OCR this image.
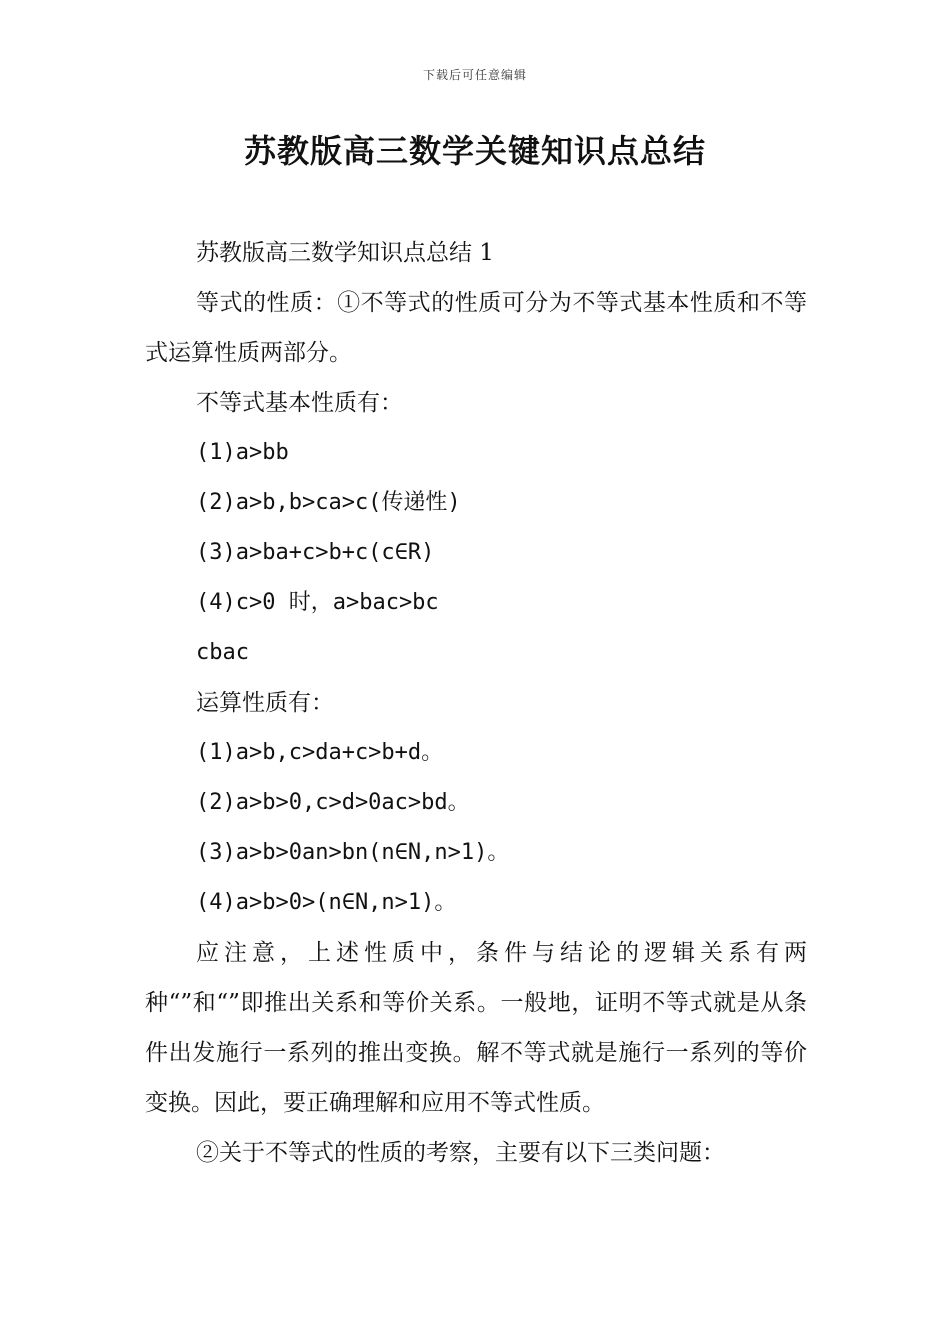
下载后可任意编辑
苏教版高三数学关键知识点总结

苏教版高三数学知识点总结 1

等式的性质：①不等式的性质可分为不等式基本性质和不等式运算性质两部分。

不等式基本性质有：

(1)a>bb

(2)a>b,b>ca>c(传递性)

(3)a>ba+c>b+c(c∈R)

(4)c>0 时，a>bac>bc

cbac

运算性质有：

(1)a>b,c>da+c>b+d。

(2)a>b>0,c>d>0ac>bd。

(3)a>b>0an>bn(n∈N,n>1)。

(4)a>b>0>(n∈N,n>1)。

应注意，上述性质中，条件与结论的逻辑关系有两种“”和“”即推出关系和等价关系。一般地，证明不等式就是从条件出发施行一系列的推出变换。解不等式就是施行一系列的等价变换。因此，要正确理解和应用不等式性质。

②关于不等式的性质的考察，主要有以下三类问题：
